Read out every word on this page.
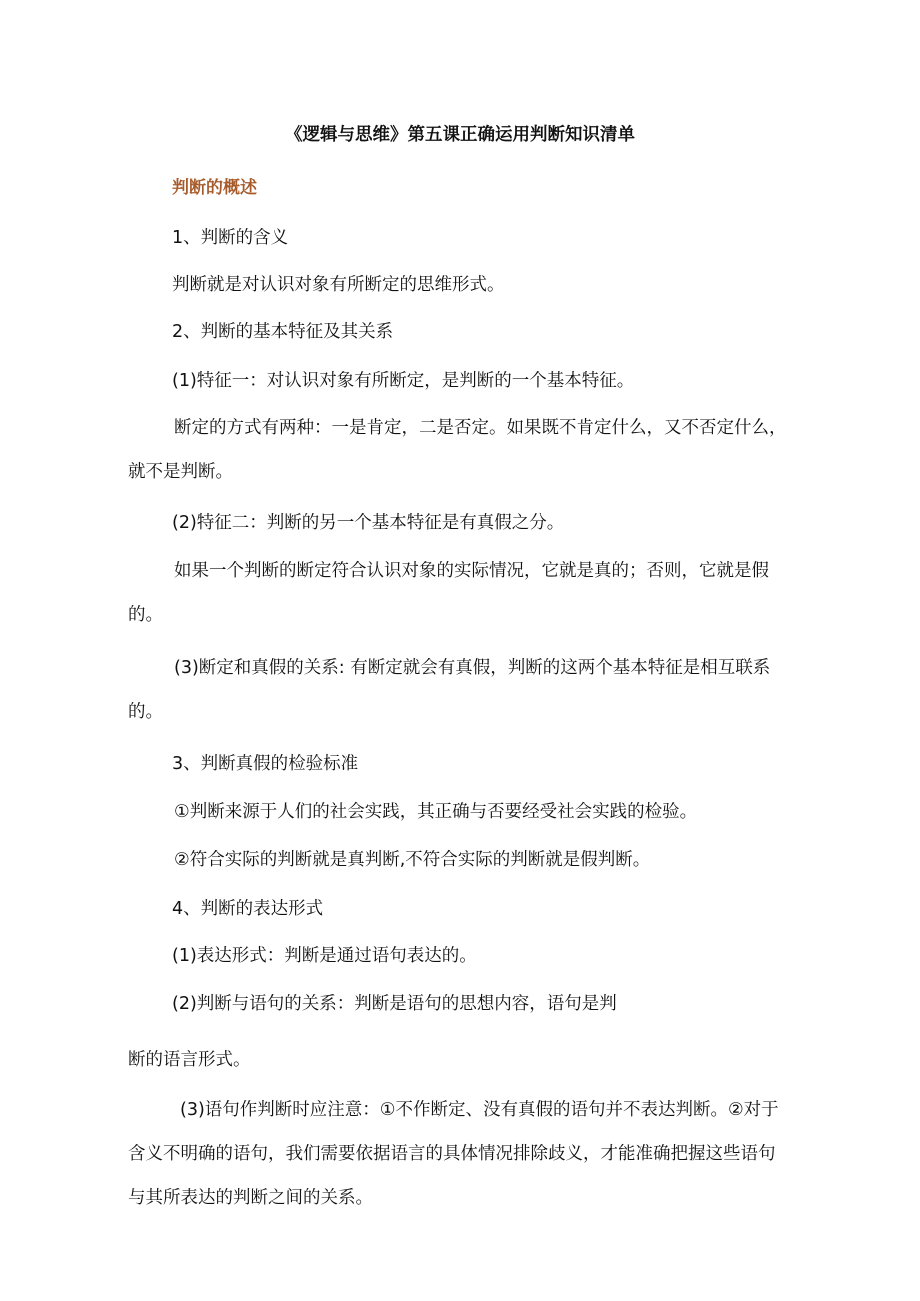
《逻辑与思维》第五课正确运用判断知识清单

判断的概述

1、判断的含义

判断就是对认识对象有所断定的思维形式。

2、判断的基本特征及其关系

(1)特征一：对认识对象有所断定，是判断的一个基本特征。

断定的方式有两种：一是肯定，二是否定。如果既不肯定什么，又不否定什么，就不是判断。

(2)特征二：判断的另一个基本特征是有真假之分。

如果一个判断的断定符合认识对象的实际情况，它就是真的；否则，它就是假的。

(3)断定和真假的关系: 有断定就会有真假，判断的这两个基本特征是相互联系的。

3、判断真假的检验标准

①判断来源于人们的社会实践，其正确与否要经受社会实践的检验。

②符合实际的判断就是真判断,不符合实际的判断就是假判断。

4、判断的表达形式

(1)表达形式：判断是通过语句表达的。

(2)判断与语句的关系：判断是语句的思想内容，语句是判

断的语言形式。

(3)语句作判断时应注意：①不作断定、没有真假的语句并不表达判断。②对于含义不明确的语句，我们需要依据语言的具体情况排除歧义，才能准确把握这些语句与其所表达的判断之间的关系。
